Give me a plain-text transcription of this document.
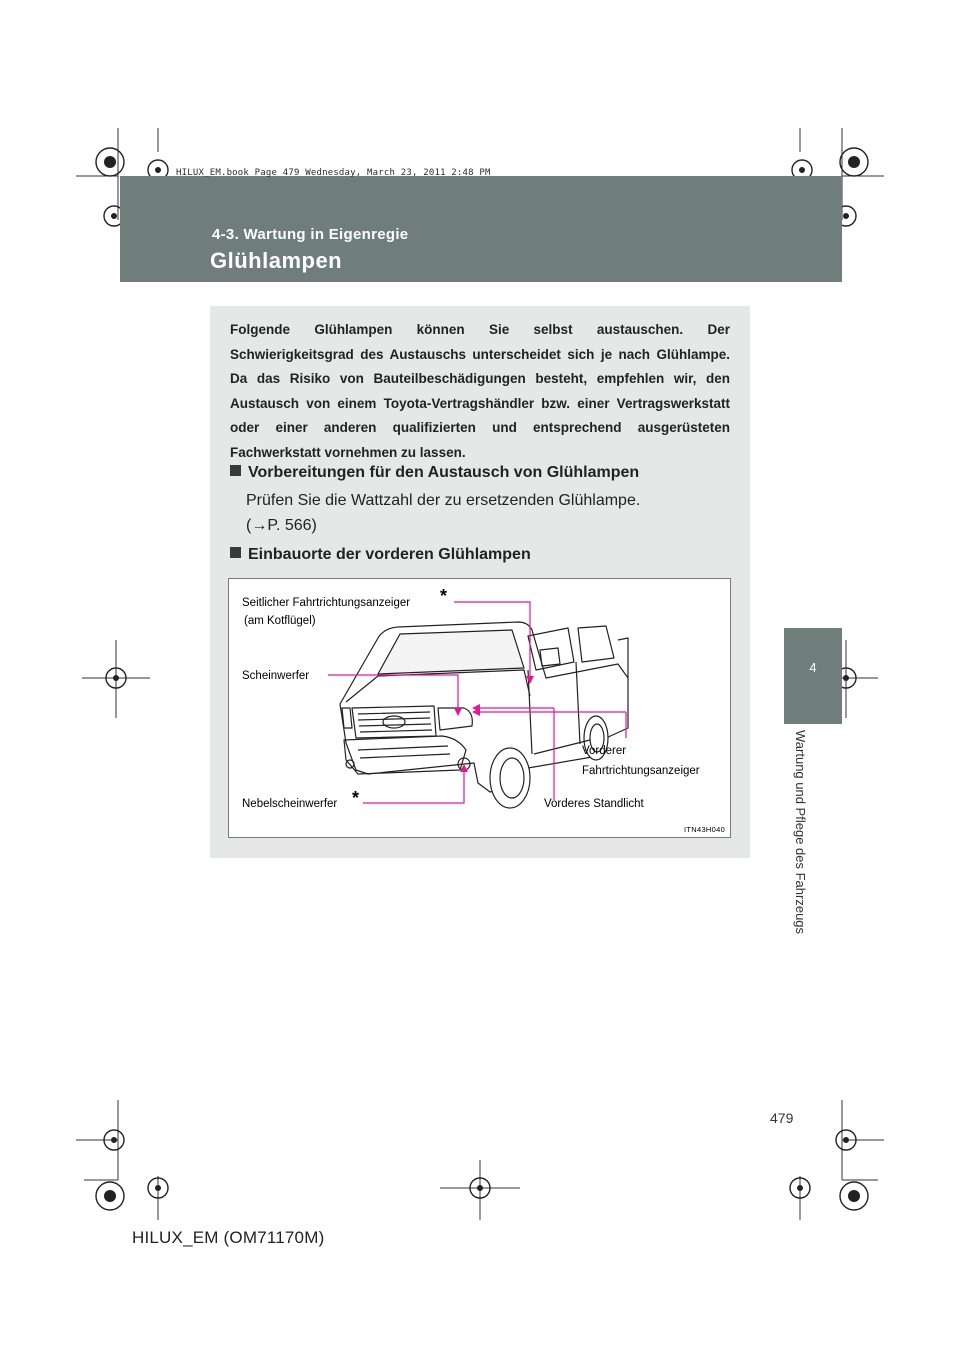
HILUX_EM.book Page 479 Wednesday, March 23, 2011 2:48 PM
4-3. Wartung in Eigenregie
Glühlampen
4
Wartung und Pflege des Fahrzeugs
Folgende Glühlampen können Sie selbst austauschen. Der Schwierigkeitsgrad des Austauschs unterscheidet sich je nach Glühlampe. Da das Risiko von Bauteilbeschädigungen besteht, empfehlen wir, den Austausch von einem Toyota-Vertragshändler bzw. einer Vertragswerkstatt oder einer anderen qualifizierten und entsprechend ausgerüsteten Fachwerkstatt vornehmen zu lassen.
Vorbereitungen für den Austausch von Glühlampen
Prüfen Sie die Wattzahl der zu ersetzenden Glühlampe.
(→P. 566)
Einbauorte der vorderen Glühlampen
Seitlicher Fahrtrichtungsanzeiger *
(am Kotflügel)
Scheinwerfer
Vorderer
Fahrtrichtungsanzeiger
Nebelscheinwerfer *	Vorderes Standlicht
ITN43H040
479
HILUX_EM (OM71170M)
